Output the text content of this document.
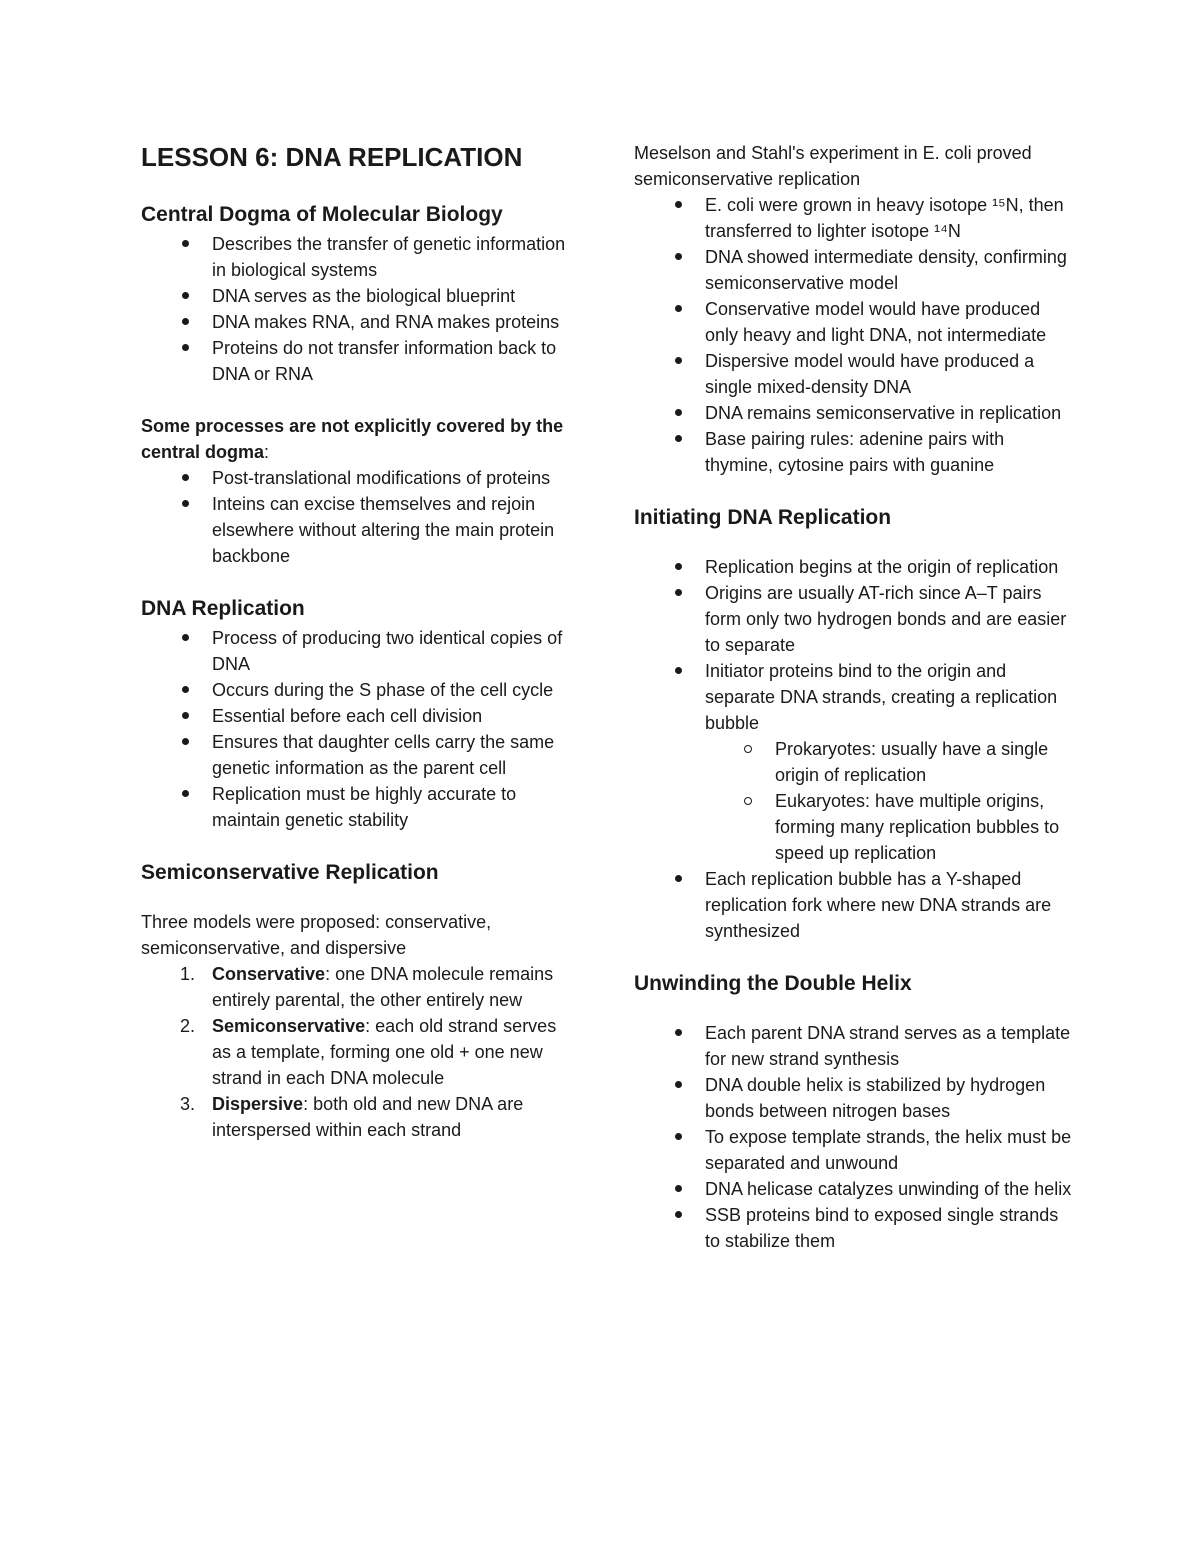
LESSON 6: DNA REPLICATION
Central Dogma of Molecular Biology
Describes the transfer of genetic information in biological systems
DNA serves as the biological blueprint
DNA makes RNA, and RNA makes proteins
Proteins do not transfer information back to DNA or RNA

Some processes are not explicitly covered by the central dogma:

Post-translational modifications of proteins
Inteins can excise themselves and rejoin elsewhere without altering the main protein backbone
DNA Replication
Process of producing two identical copies of DNA
Occurs during the S phase of the cell cycle
Essential before each cell division
Ensures that daughter cells carry the same genetic information as the parent cell
Replication must be highly accurate to maintain genetic stability
Semiconservative Replication

Three models were proposed: conservative, semiconservative, and dispersive

1. Conservative: one DNA molecule remains entirely parental, the other entirely new
2. Semiconservative: each old strand serves as a template, forming one old + one new strand in each DNA molecule
3. Dispersive: both old and new DNA are interspersed within each strand

Meselson and Stahl's experiment in E. coli proved semiconservative replication

E. coli were grown in heavy isotope ¹⁵N, then transferred to lighter isotope ¹⁴N
DNA showed intermediate density, confirming semiconservative model
Conservative model would have produced only heavy and light DNA, not intermediate
Dispersive model would have produced a single mixed-density DNA
DNA remains semiconservative in replication
Base pairing rules: adenine pairs with thymine, cytosine pairs with guanine
Initiating DNA Replication
Replication begins at the origin of replication
Origins are usually AT-rich since A–T pairs form only two hydrogen bonds and are easier to separate
Initiator proteins bind to the origin and separate DNA strands, creating a replication bubble
Prokaryotes: usually have a single origin of replication
Eukaryotes: have multiple origins, forming many replication bubbles to speed up replication
Each replication bubble has a Y-shaped replication fork where new DNA strands are synthesized
Unwinding the Double Helix
Each parent DNA strand serves as a template for new strand synthesis
DNA double helix is stabilized by hydrogen bonds between nitrogen bases
To expose template strands, the helix must be separated and unwound
DNA helicase catalyzes unwinding of the helix
SSB proteins bind to exposed single strands to stabilize them
